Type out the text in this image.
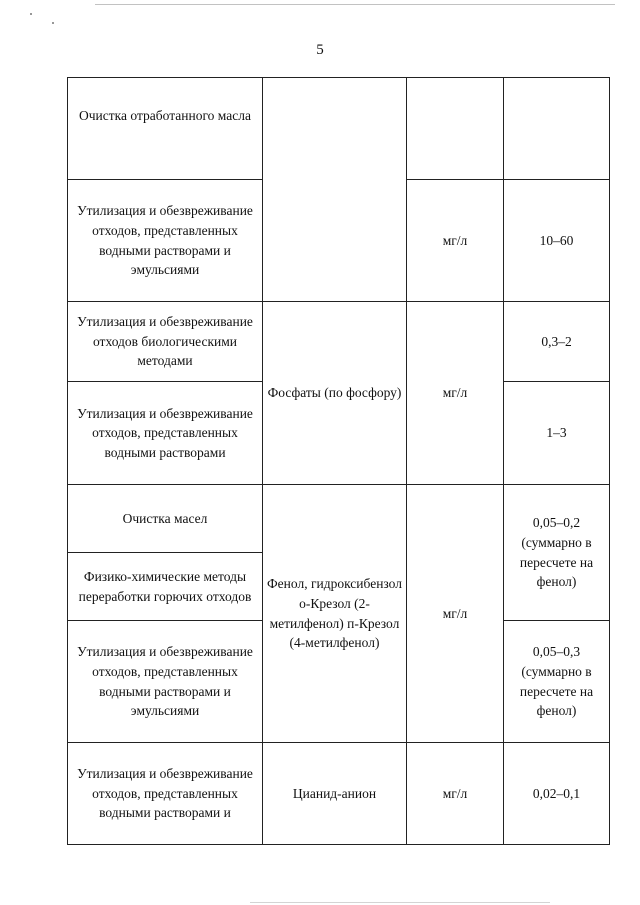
5
Очистка отработанного масла			
Утилизация и обезвреживание отходов, представленных водными растворами и эмульсиями		мг/л	10–60
Утилизация и обезвреживание отходов биологическими методами	Фосфаты (по фосфору)	мг/л	0,3–2
Утилизация и обезвреживание отходов, представленных водными растворами			1–3
Очистка масел	Фенол, гидроксибензол о-Крезол (2-метилфенол) п-Крезол (4-метилфенол)	мг/л	0,05–0,2 (суммарно в пересчете на фенол)
Физико-химические методы переработки горючих отходов			
Утилизация и обезвреживание отходов, представленных водными растворами и эмульсиями			0,05–0,3 (суммарно в пересчете на фенол)
Утилизация и обезвреживание отходов, представленных водными растворами и	Цианид-анион	мг/л	0,02–0,1
